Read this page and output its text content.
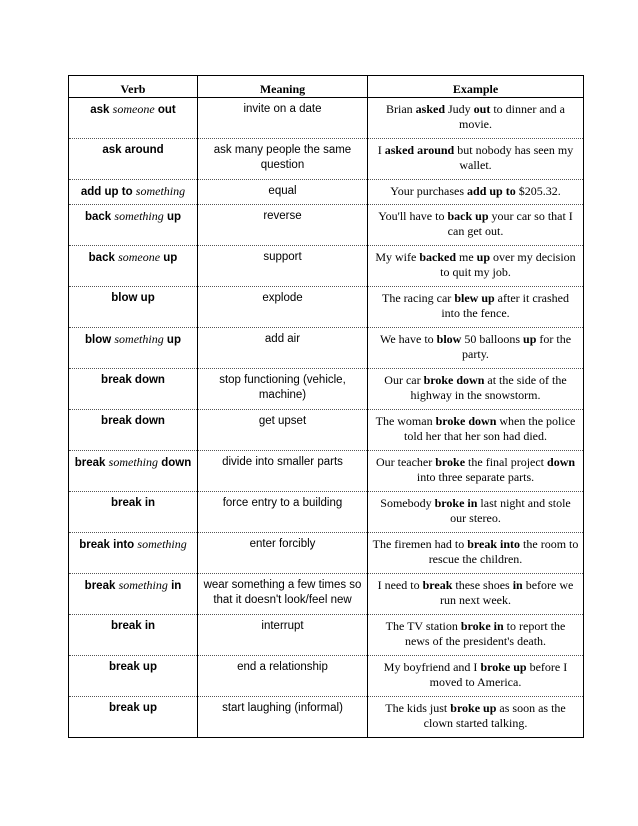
Verb	Meaning	Example
ask someone out	invite on a date	Brian asked Judy out to dinner and a movie.
ask around	ask many people the same question	I asked around but nobody has seen my wallet.
add up to something	equal	Your purchases add up to $205.32.
back something up	reverse	You'll have to back up your car so that I can get out.
back someone up	support	My wife backed me up over my decision to quit my job.
blow up	explode	The racing car blew up after it crashed into the fence.
blow something up	add air	We have to blow 50 balloons up for the party.
break down	stop functioning (vehicle, machine)	Our car broke down at the side of the highway in the snowstorm.
break down	get upset	The woman broke down when the police told her that her son had died.
break something down	divide into smaller parts	Our teacher broke the final project down into three separate parts.
break in	force entry to a building	Somebody broke in last night and stole our stereo.
break into something	enter forcibly	The firemen had to break into the room to rescue the children.
break something in	wear something a few times so that it doesn't look/feel new	I need to break these shoes in before we run next week.
break in	interrupt	The TV station broke in to report the news of the president's death.
break up	end a relationship	My boyfriend and I broke up before I moved to America.
break up	start laughing (informal)	The kids just broke up as soon as the clown started talking.
